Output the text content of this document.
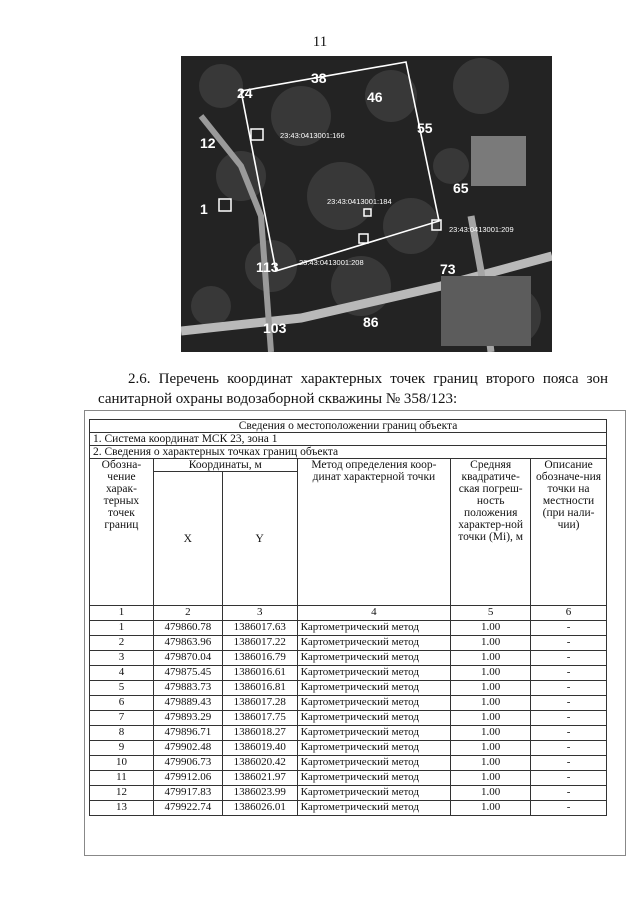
11
38
46
24
12
55
65
1
113	73
103	86
23:43:0413001:166
23:43:0413001:184
23:43:0413001:209
23:43:0413001:208
2.6. Перечень координат характерных точек границ второго пояса зон санитарной охраны водозаборной скважины № 358/123:
Сведения о местоположении границ объекта					
1. Система координат МСК 23, зона 1					
2. Сведения о характерных точках границ объекта					
Обозна-чение харак-терных точек границ	Координаты, м		Метод определения коор-динат характерной точки	Средняя квадратиче-ская погреш-ность положения характер-ной точки (Mi), м	Описание обозначе-ния точки на местности (при нали-чии)
	X	Y			
1	2	3	4	5	6
1	479860.78	1386017.63	Картометрический метод	1.00	-
2	479863.96	1386017.22	Картометрический метод	1.00	-
3	479870.04	1386016.79	Картометрический метод	1.00	-
4	479875.45	1386016.61	Картометрический метод	1.00	-
5	479883.73	1386016.81	Картометрический метод	1.00	-
6	479889.43	1386017.28	Картометрический метод	1.00	-
7	479893.29	1386017.75	Картометрический метод	1.00	-
8	479896.71	1386018.27	Картометрический метод	1.00	-
9	479902.48	1386019.40	Картометрический метод	1.00	-
10	479906.73	1386020.42	Картометрический метод	1.00	-
11	479912.06	1386021.97	Картометрический метод	1.00	-
12	479917.83	1386023.99	Картометрический метод	1.00	-
13	479922.74	1386026.01	Картометрический метод	1.00	-
